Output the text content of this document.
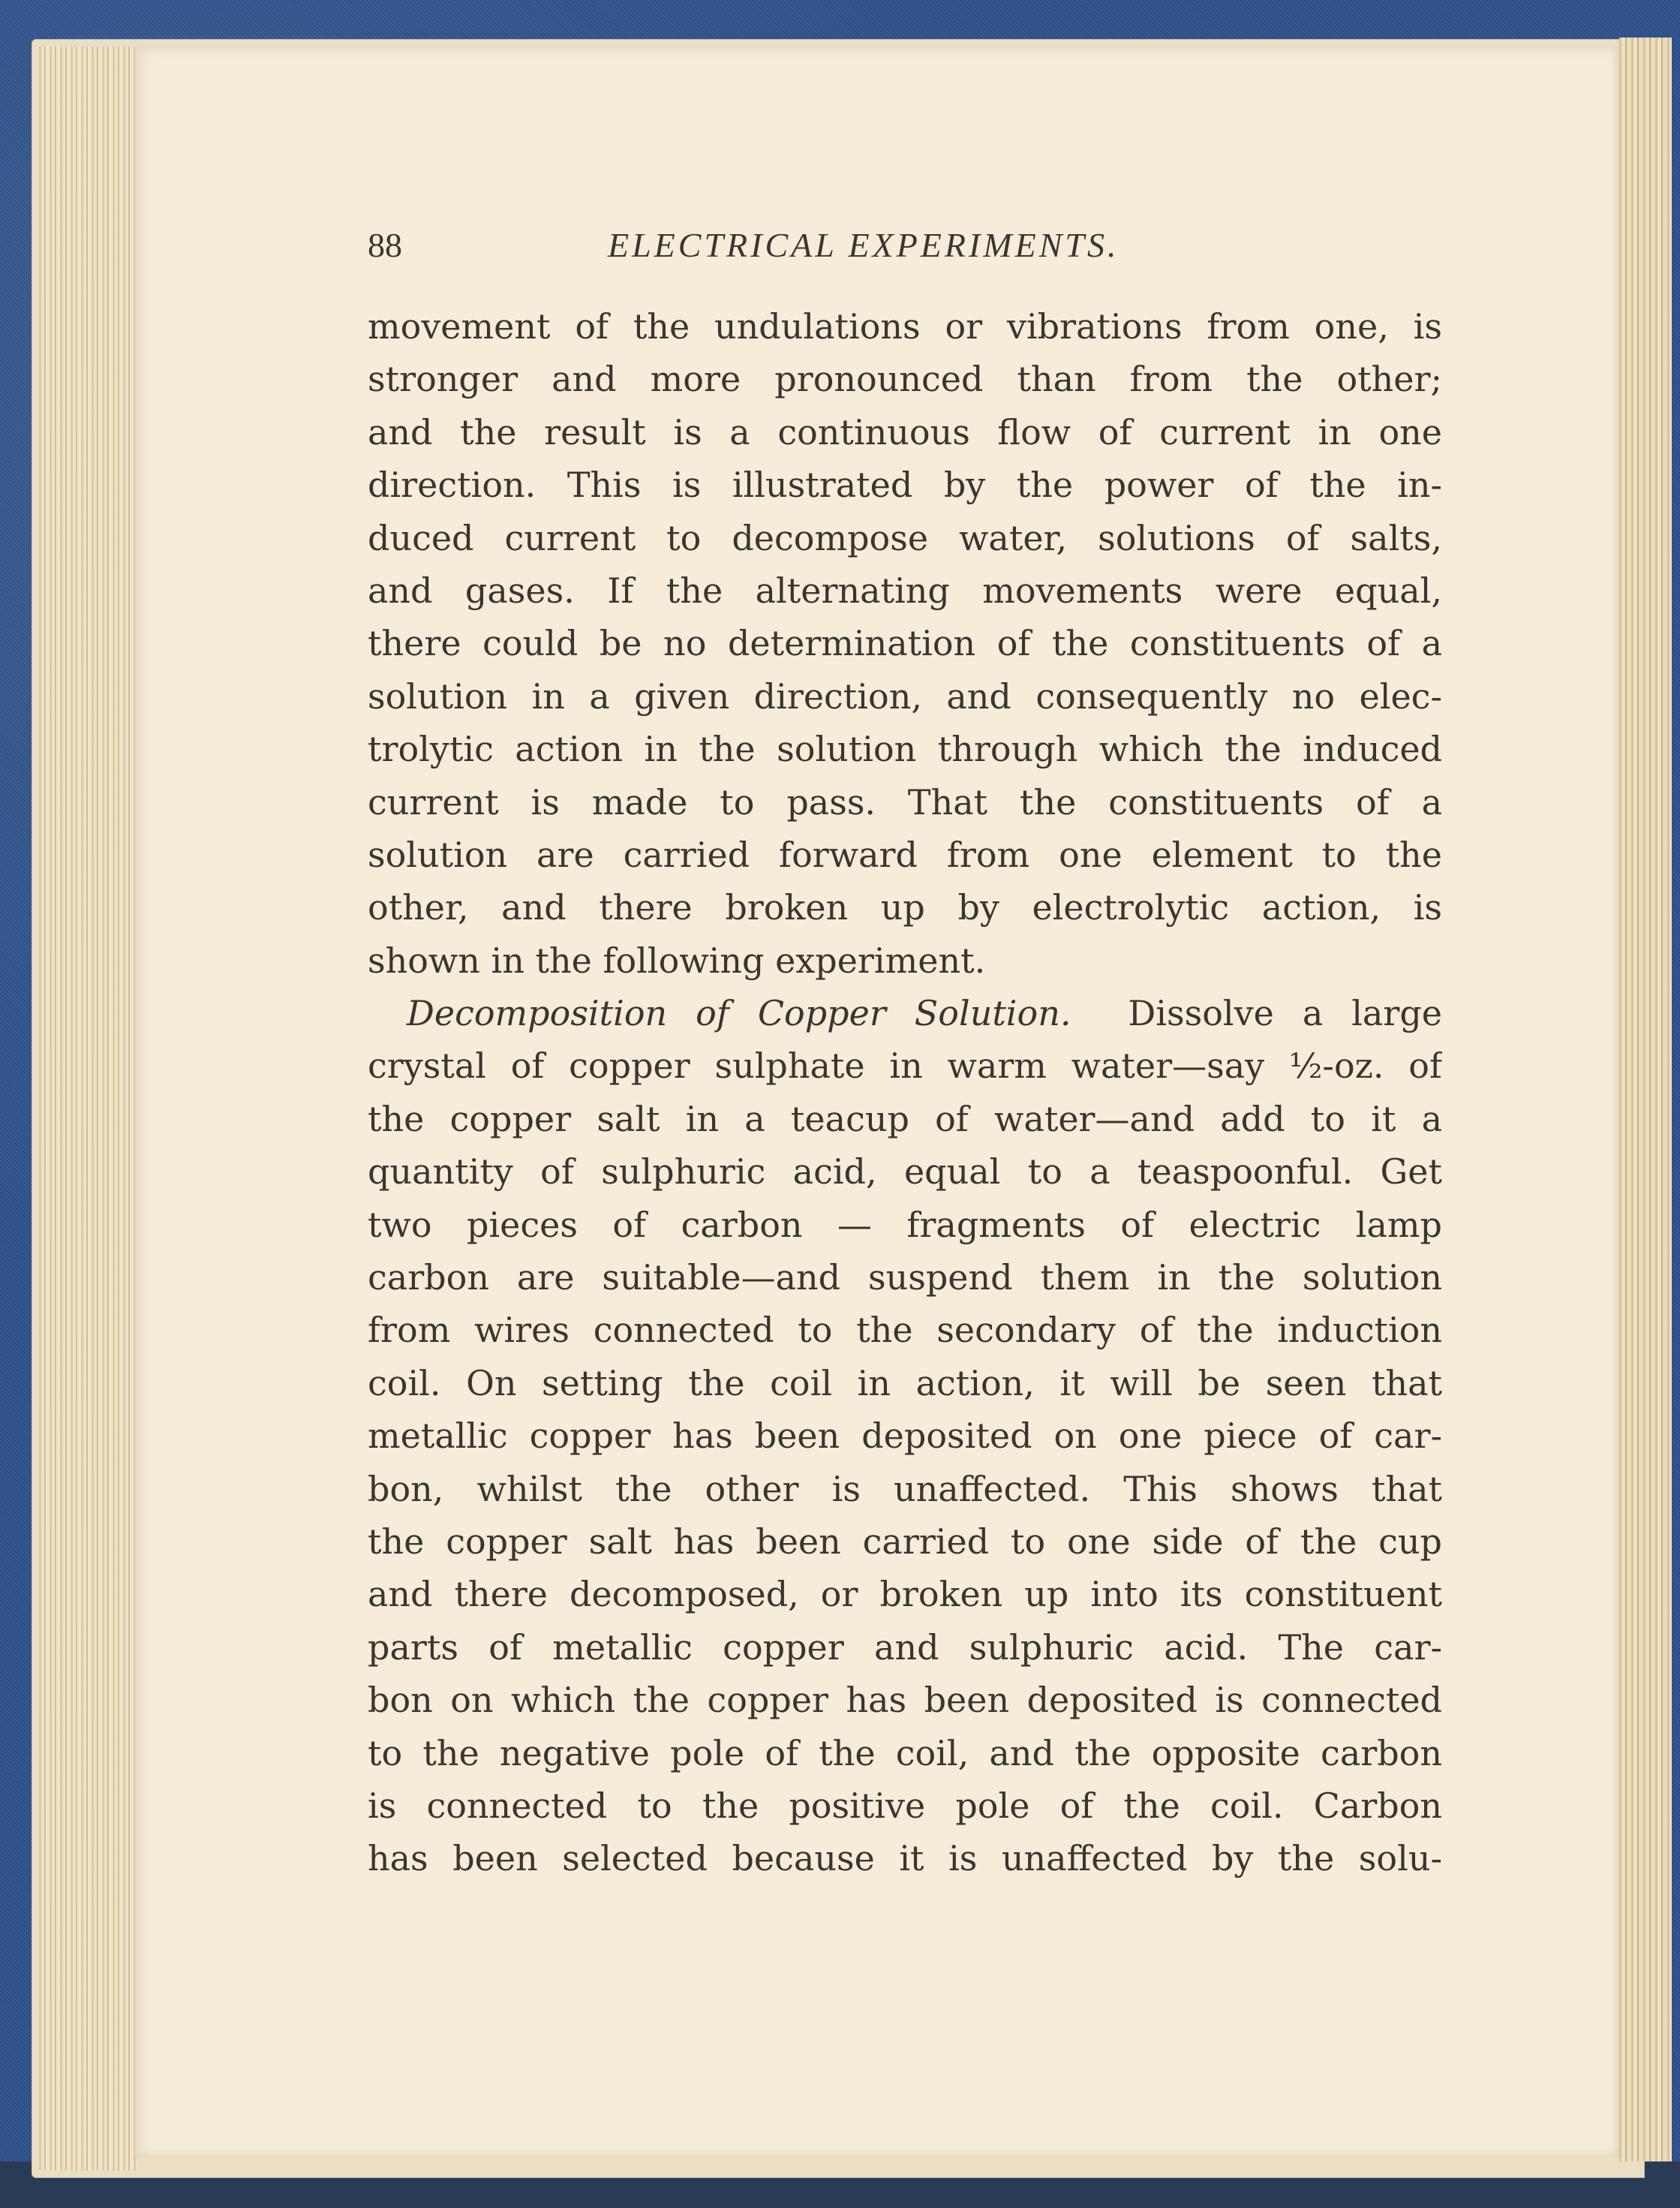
88	ELECTRICAL EXPERIMENTS.
movement of the undulations or vibrations from one, is
stronger and more pronounced than from the other;
and the result is a continuous flow of current in one
direction. This is illustrated by the power of the in-
duced current to decompose water, solutions of salts,
and gases. If the alternating movements were equal,
there could be no determination of the constituents of a
solution in a given direction, and consequently no elec-
trolytic action in the solution through which the induced
current is made to pass. That the constituents of a
solution are carried forward from one element to the
other, and there broken up by electrolytic action, is
shown in the following experiment.
Decomposition of Copper Solution. Dissolve a large
crystal of copper sulphate in warm water—say ½-oz. of
the copper salt in a teacup of water—and add to it a
quantity of sulphuric acid, equal to a teaspoonful. Get
two pieces of carbon — fragments of electric lamp
carbon are suitable—and suspend them in the solution
from wires connected to the secondary of the induction
coil. On setting the coil in action, it will be seen that
metallic copper has been deposited on one piece of car-
bon, whilst the other is unaffected. This shows that
the copper salt has been carried to one side of the cup
and there decomposed, or broken up into its constituent
parts of metallic copper and sulphuric acid. The car-
bon on which the copper has been deposited is connected
to the negative pole of the coil, and the opposite carbon
is connected to the positive pole of the coil. Carbon
has been selected because it is unaffected by the solu-
